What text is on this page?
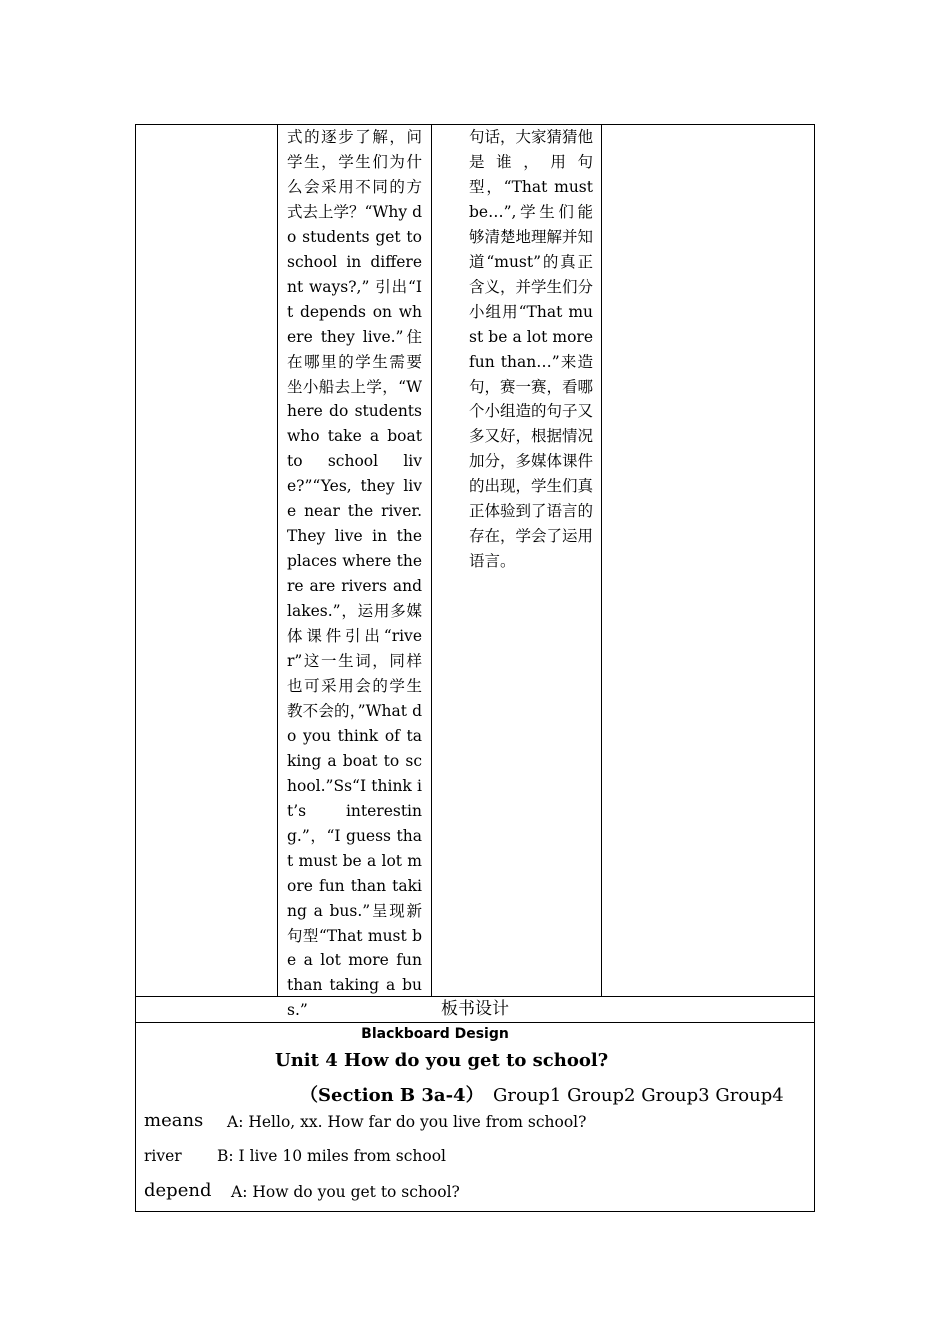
式的逐步了解，问学生，学生们为什么会采用不同的方式去上学？“Why do students get to school in different ways?,” 引出“It depends on where they live.”住在哪里的学生需要坐小船去上学，“Where do students who take a boat to school live?”“Yes, they live near the river. They live in the places where there are rivers and lakes.”，运用多媒体课件引出“river”这一生词，同样也可采用会的学生教不会的，”What do you think of taking a boat to school.”Ss“I think it’s interesting.”，“I guess that must be a lot more fun than taking a bus.”呈现新句型“That must be a lot more fun than taking a bus.”
句话，大家猜猜他是谁，用句型，“That must be…”,学生们能够清楚地理解并知道“must”的真正含义，并学生们分小组用“That must be a lot more fun than…”来造句，赛一赛，看哪个小组造的句子又多又好，根据情况加分，多媒体课件的出现，学生们真正体验到了语言的存在，学会了运用语言。
板书设计
Blackboard Design
Unit 4 How do you get to school?
（Section B 3a-4） Group1 Group2 Group3 Group4
means A: Hello, xx. How far do you live from school?
river B: I live 10 miles from school
depend A: How do you get to school?
